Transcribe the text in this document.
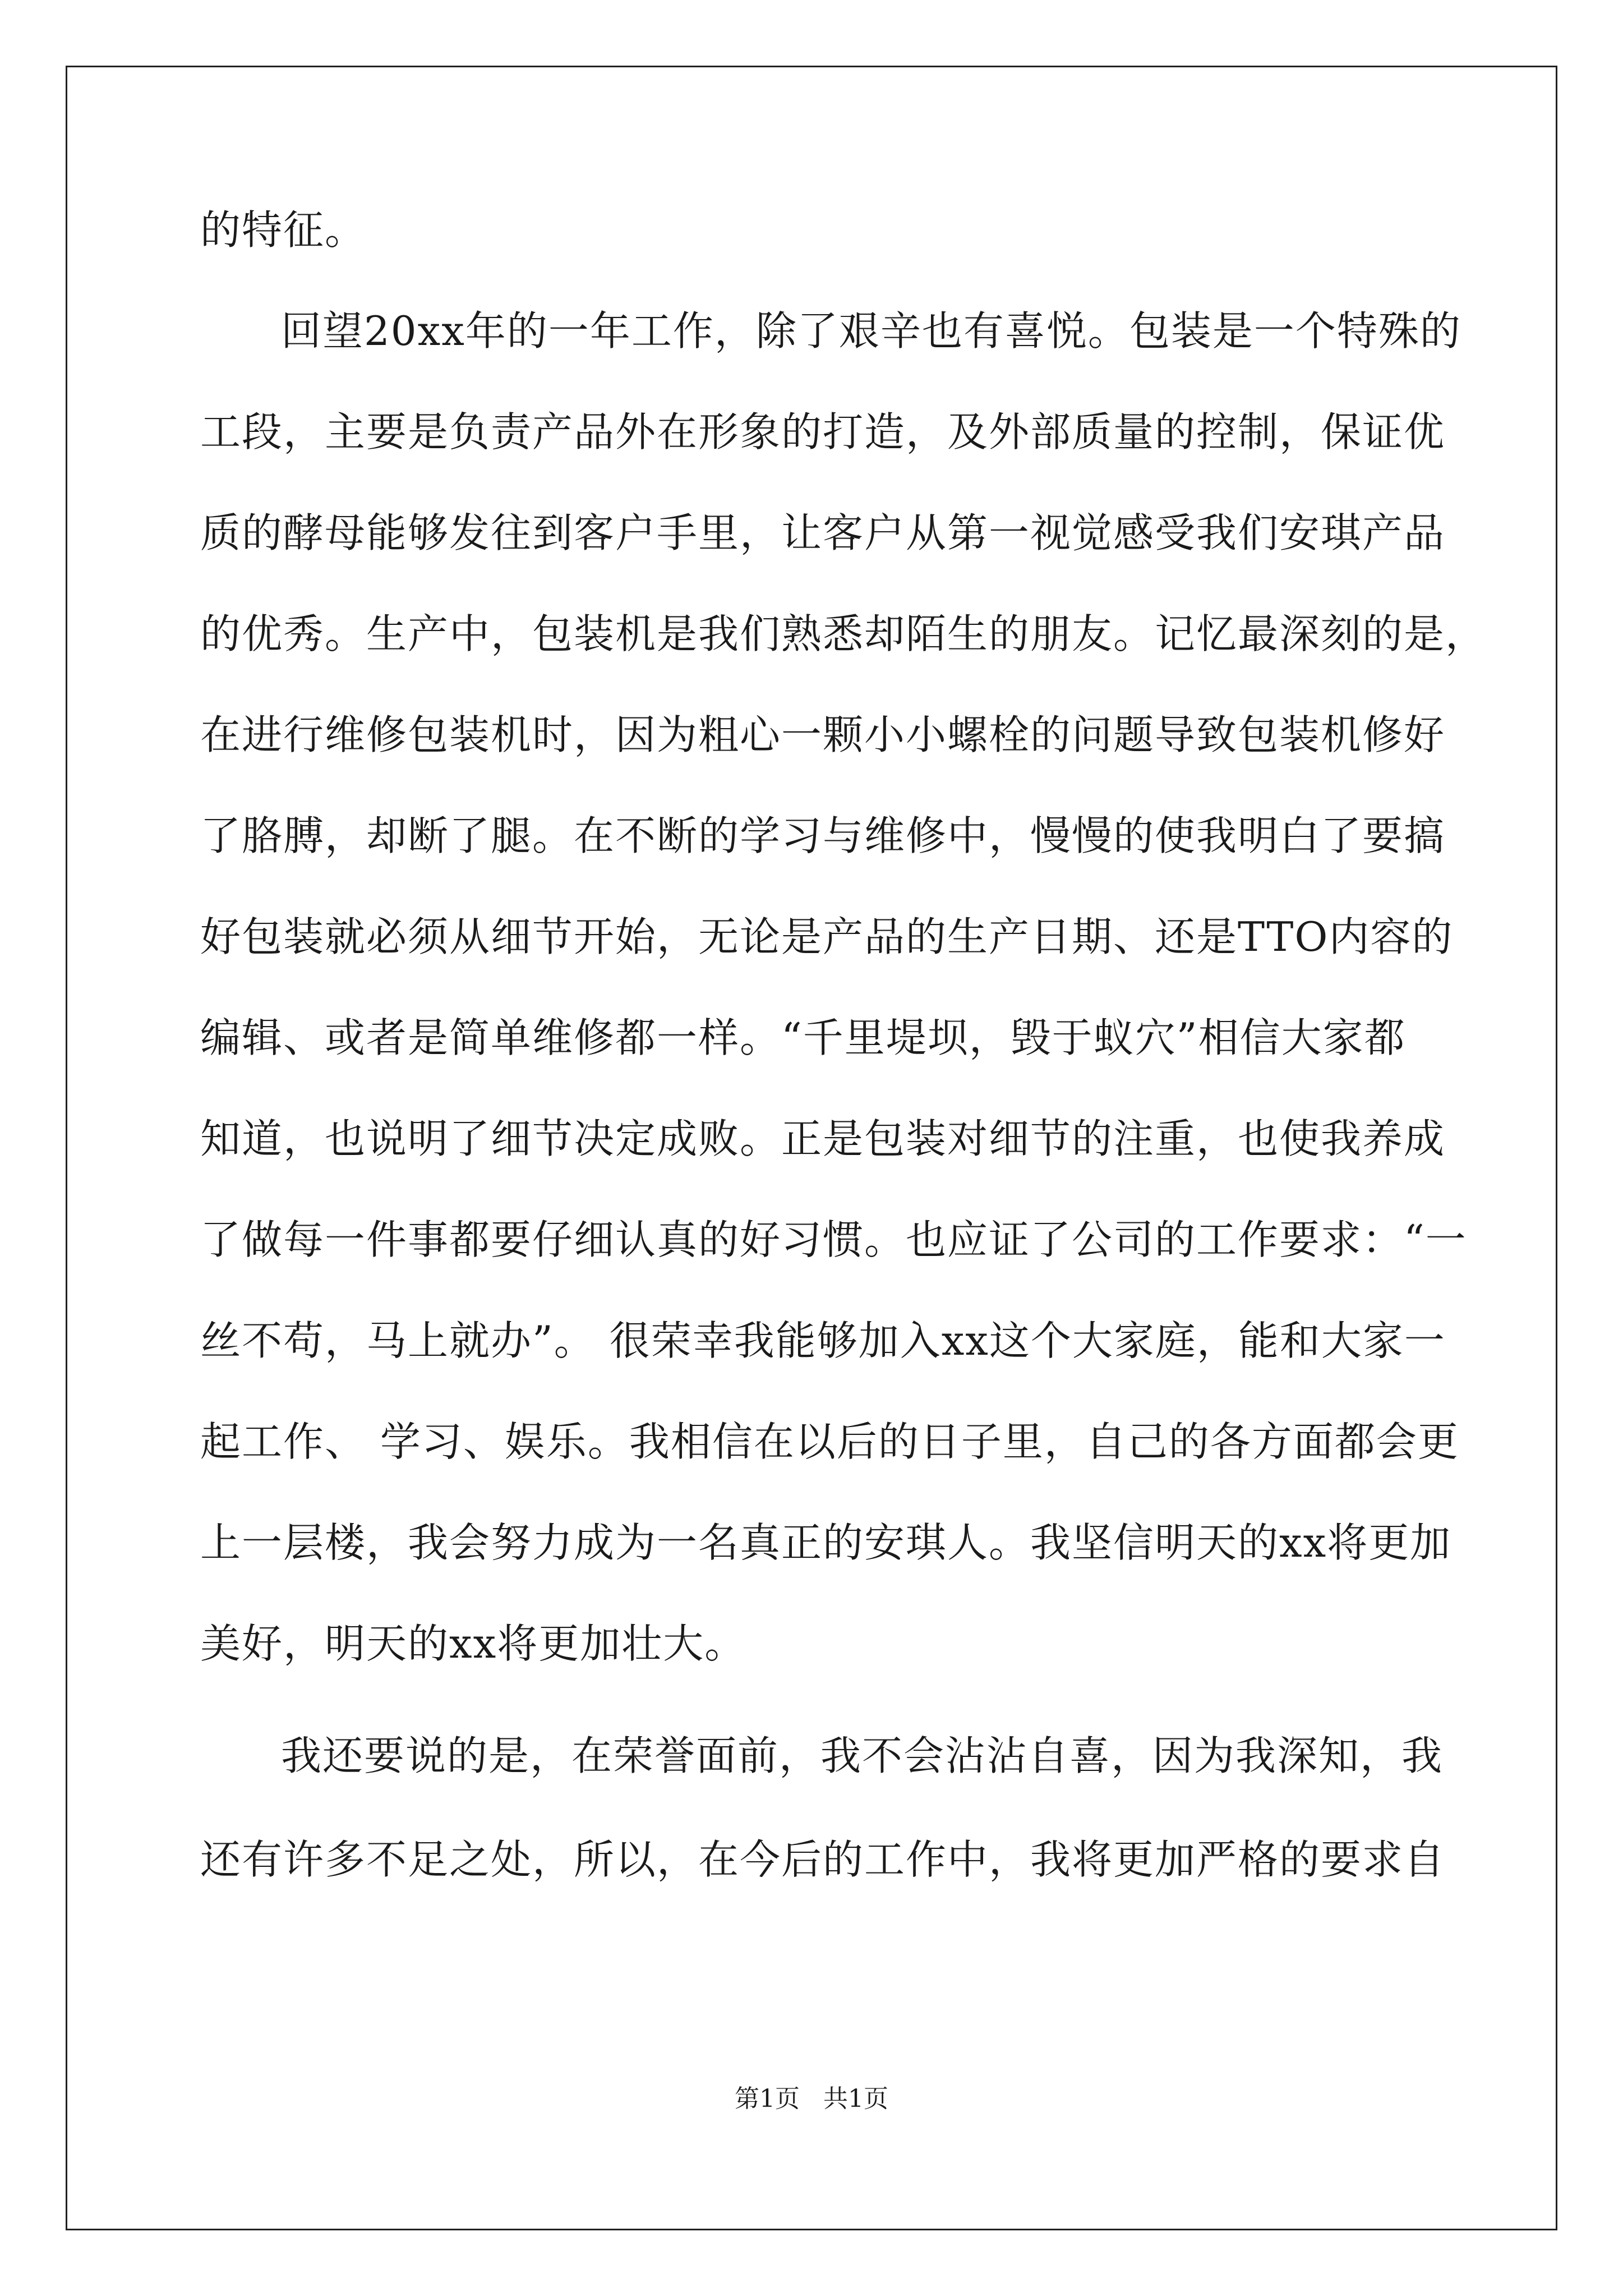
的特征。
回望20xx年的一年工作，除了艰辛也有喜悦。包装是一个特殊的
工段，主要是负责产品外在形象的打造，及外部质量的控制，保证优
质的酵母能够发往到客户手里，让客户从第一视觉感受我们安琪产品
的优秀。生产中，包装机是我们熟悉却陌生的朋友。记忆最深刻的是，
在进行维修包装机时，因为粗心一颗小小螺栓的问题导致包装机修好
了胳膊，却断了腿。在不断的学习与维修中，慢慢的使我明白了要搞
好包装就必须从细节开始，无论是产品的生产日期、还是TTO内容的
编辑、或者是简单维修都一样。“千里堤坝，毁于蚁穴”相信大家都
知道，也说明了细节决定成败。正是包装对细节的注重，也使我养成
了做每一件事都要仔细认真的好习惯。也应证了公司的工作要求：“一
丝不苟，马上就办”。 很荣幸我能够加入xx这个大家庭，能和大家一
起工作、 学习、娱乐。我相信在以后的日子里，自己的各方面都会更
上一层楼，我会努力成为一名真正的安琪人。我坚信明天的xx将更加
美好，明天的xx将更加壮大。
我还要说的是，在荣誉面前，我不会沾沾自喜，因为我深知，我
还有许多不足之处，所以，在今后的工作中，我将更加严格的要求自
第1页   共1页
